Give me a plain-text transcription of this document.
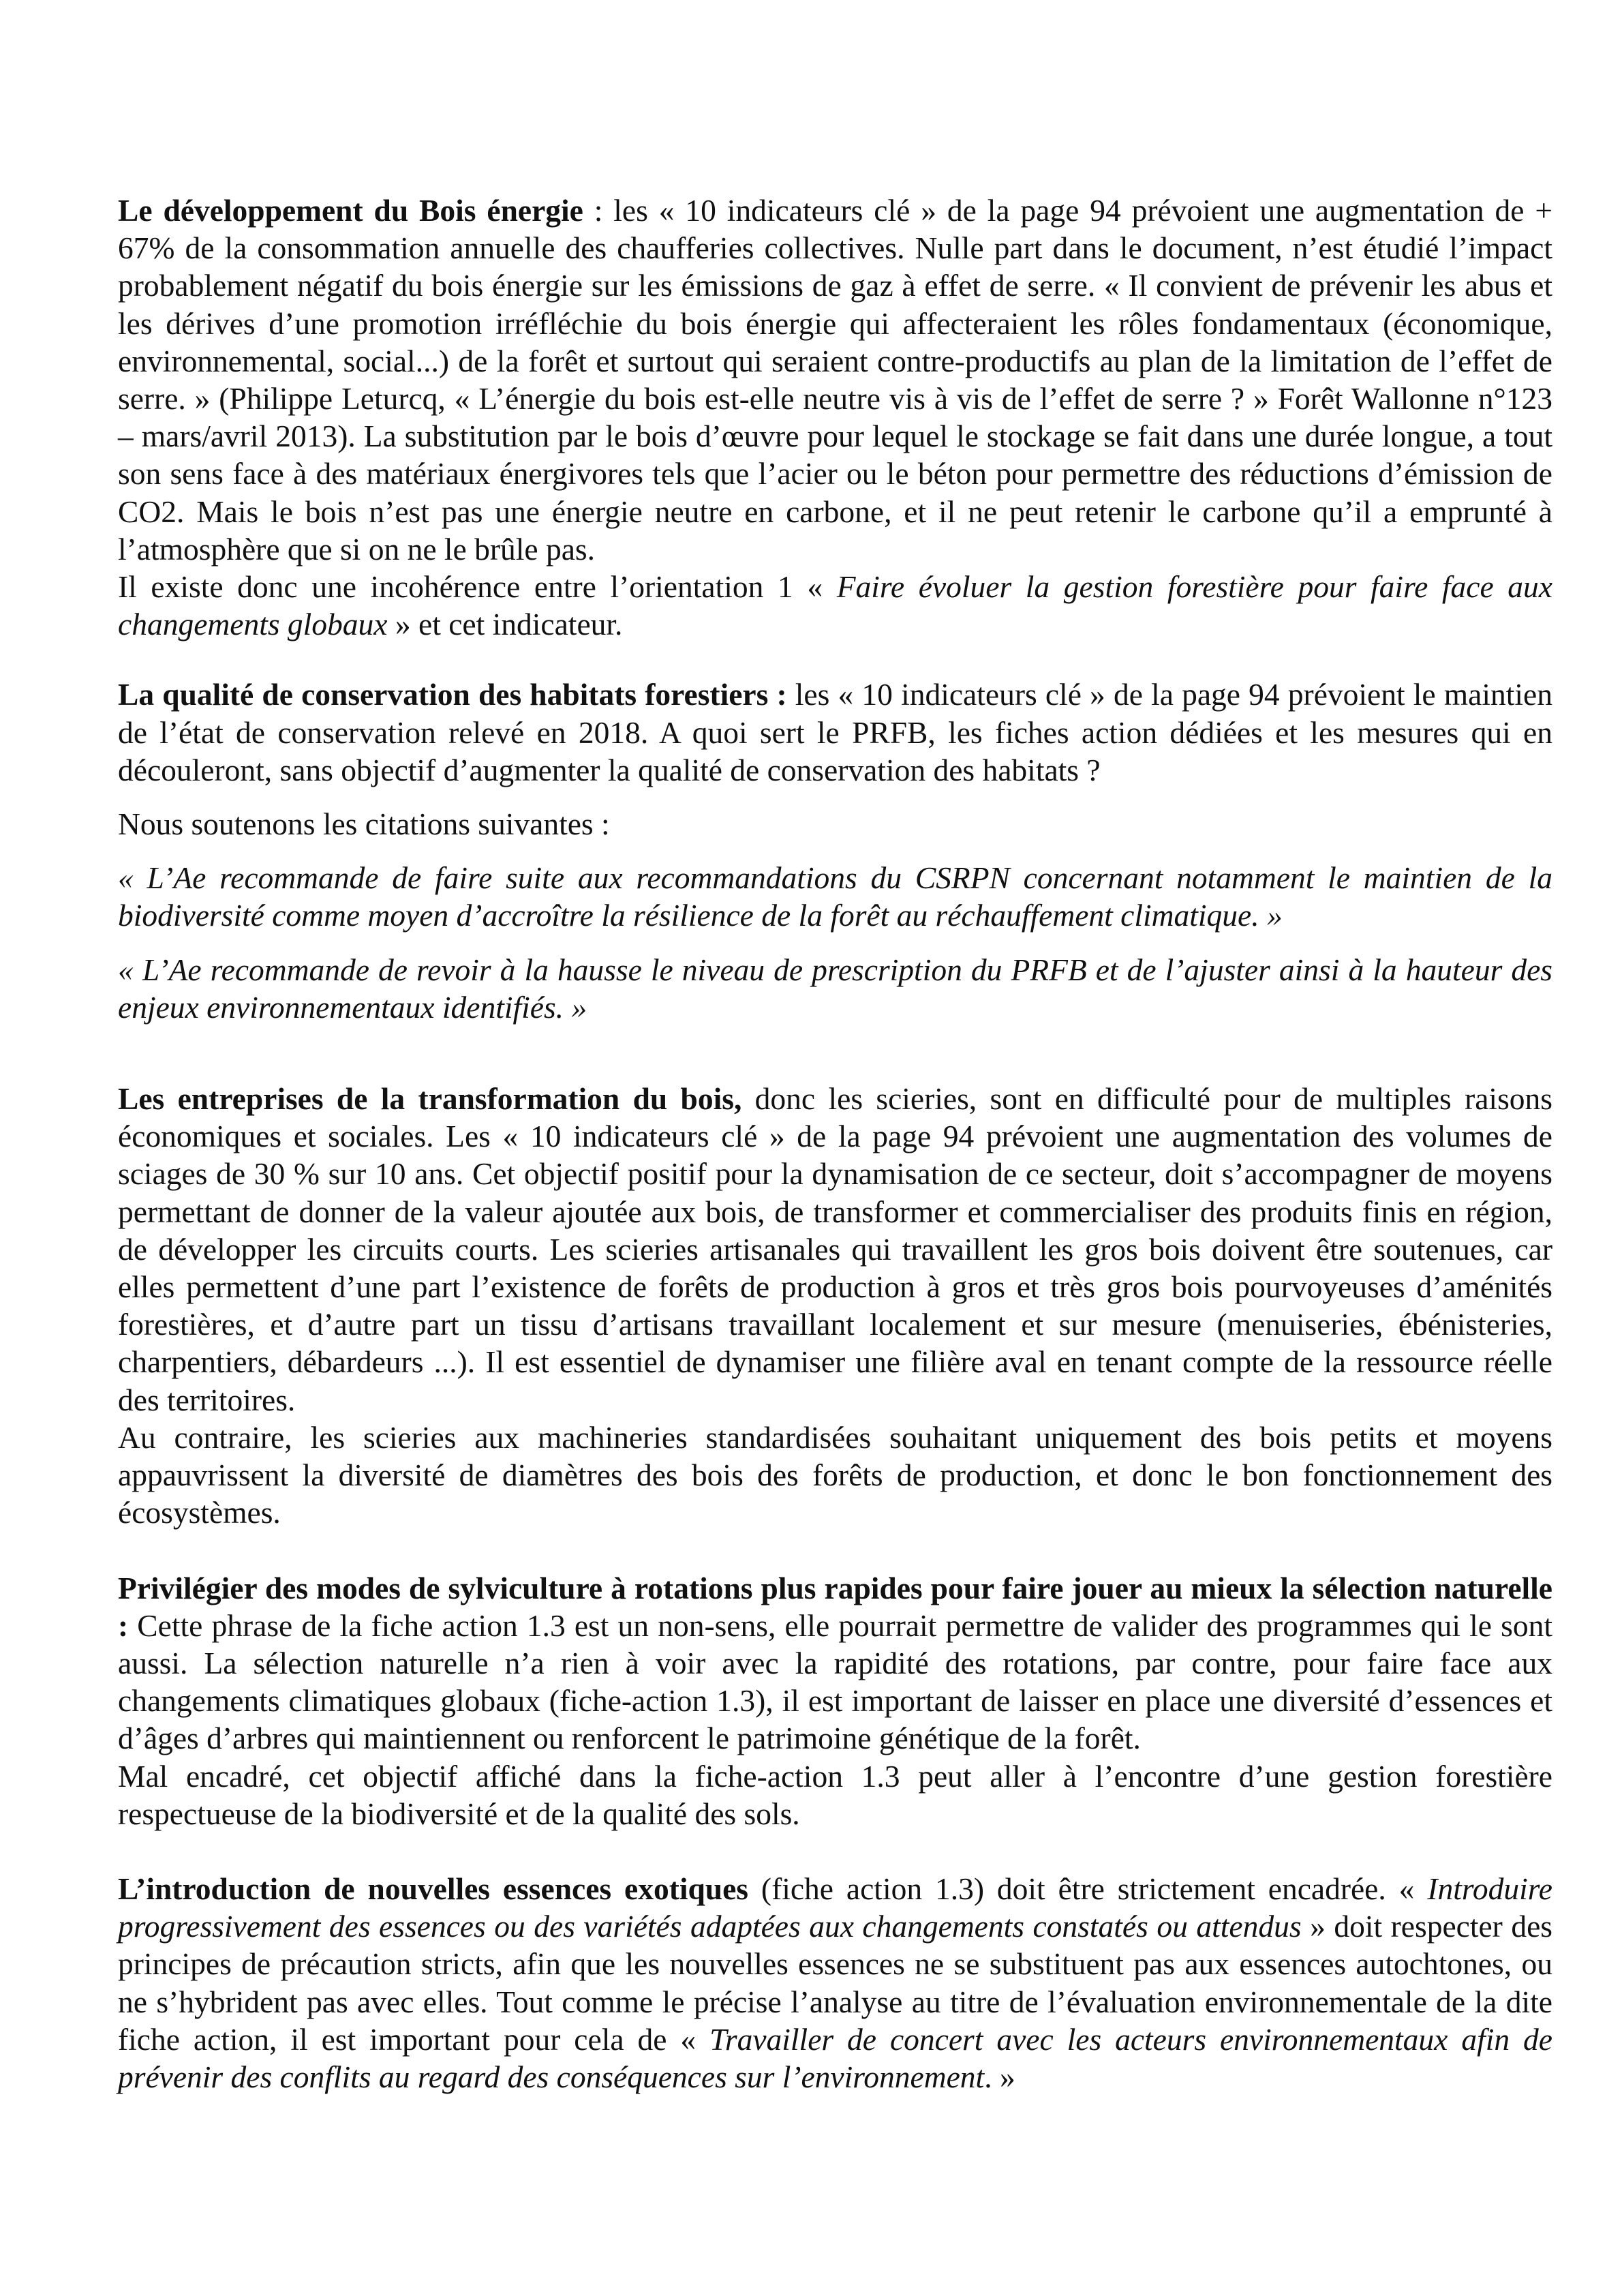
Le développement du Bois énergie : les « 10 indicateurs clé » de la page 94 prévoient une augmentation de + 67% de la consommation annuelle des chaufferies collectives. Nulle part dans le document, n’est étudié l’impact probablement négatif du bois énergie sur les émissions de gaz à effet de serre. « Il convient de prévenir les abus et les dérives d’une promotion irréfléchie du bois énergie qui affecteraient les rôles fondamentaux (économique, environnemental, social...) de la forêt et surtout qui seraient contre-productifs au plan de la limitation de l’effet de serre. » (Philippe Leturcq, « L’énergie du bois est-elle neutre vis à vis de l’effet de serre ? » Forêt Wallonne n°123 – mars/avril 2013). La substitution par le bois d’œuvre pour lequel le stockage se fait dans une durée longue, a tout son sens face à des matériaux énergivores tels que l’acier ou le béton pour permettre des réductions d’émission de CO2. Mais le bois n’est pas une énergie neutre en carbone, et il ne peut retenir le carbone qu’il a emprunté à l’atmosphère que si on ne le brûle pas.

Il existe donc une incohérence entre l’orientation 1 « Faire évoluer la gestion forestière pour faire face aux changements globaux » et cet indicateur.

La qualité de conservation des habitats forestiers : les « 10 indicateurs clé » de la page 94 prévoient le maintien de l’état de conservation relevé en 2018. A quoi sert le PRFB, les fiches action dédiées et les mesures qui en découleront, sans objectif d’augmenter la qualité de conservation des habitats ?

Nous soutenons les citations suivantes :

« L’Ae recommande de faire suite aux recommandations du CSRPN concernant notamment le maintien de la biodiversité comme moyen d’accroître la résilience de la forêt au réchauffement climatique. »

« L’Ae recommande de revoir à la hausse le niveau de prescription du PRFB et de l’ajuster ainsi à la hauteur des enjeux environnementaux identifiés. »

Les entreprises de la transformation du bois, donc les scieries, sont en difficulté pour de multiples raisons économiques et sociales. Les « 10 indicateurs clé » de la page 94 prévoient une augmentation des volumes de sciages de 30 % sur 10 ans. Cet objectif positif pour la dynamisation de ce secteur, doit s’accompagner de moyens permettant de donner de la valeur ajoutée aux bois, de transformer et commercialiser des produits finis en région, de développer les circuits courts. Les scieries artisanales qui travaillent les gros bois doivent être soutenues, car elles permettent d’une part l’existence de forêts de production à gros et très gros bois pourvoyeuses d’aménités forestières, et d’autre part un tissu d’artisans travaillant localement et sur mesure (menuiseries, ébénisteries, charpentiers, débardeurs ...). Il est essentiel de dynamiser une filière aval en tenant compte de la ressource réelle des territoires.

Au contraire, les scieries aux machineries standardisées souhaitant uniquement des bois petits et moyens appauvrissent la diversité de diamètres des bois des forêts de production, et donc le bon fonctionnement des écosystèmes.

Privilégier des modes de sylviculture à rotations plus rapides pour faire jouer au mieux la sélection naturelle : Cette phrase de la fiche action 1.3 est un non-sens, elle pourrait permettre de valider des programmes qui le sont aussi. La sélection naturelle n’a rien à voir avec la rapidité des rotations, par contre, pour faire face aux changements climatiques globaux (fiche-action 1.3), il est important de laisser en place une diversité d’essences et d’âges d’arbres qui maintiennent ou renforcent le patrimoine génétique de la forêt.

Mal encadré, cet objectif affiché dans la fiche-action 1.3 peut aller à l’encontre d’une gestion forestière respectueuse de la biodiversité et de la qualité des sols.

L’introduction de nouvelles essences exotiques (fiche action 1.3) doit être strictement encadrée. « Introduire progressivement des essences ou des variétés adaptées aux changements constatés ou attendus » doit respecter des principes de précaution stricts, afin que les nouvelles essences ne se substituent pas aux essences autochtones, ou ne s’hybrident pas avec elles. Tout comme le précise l’analyse au titre de l’évaluation environnementale de la dite fiche action, il est important pour cela de « Travailler de concert avec les acteurs environnementaux afin de prévenir des conflits au regard des conséquences sur l’environnement. »
